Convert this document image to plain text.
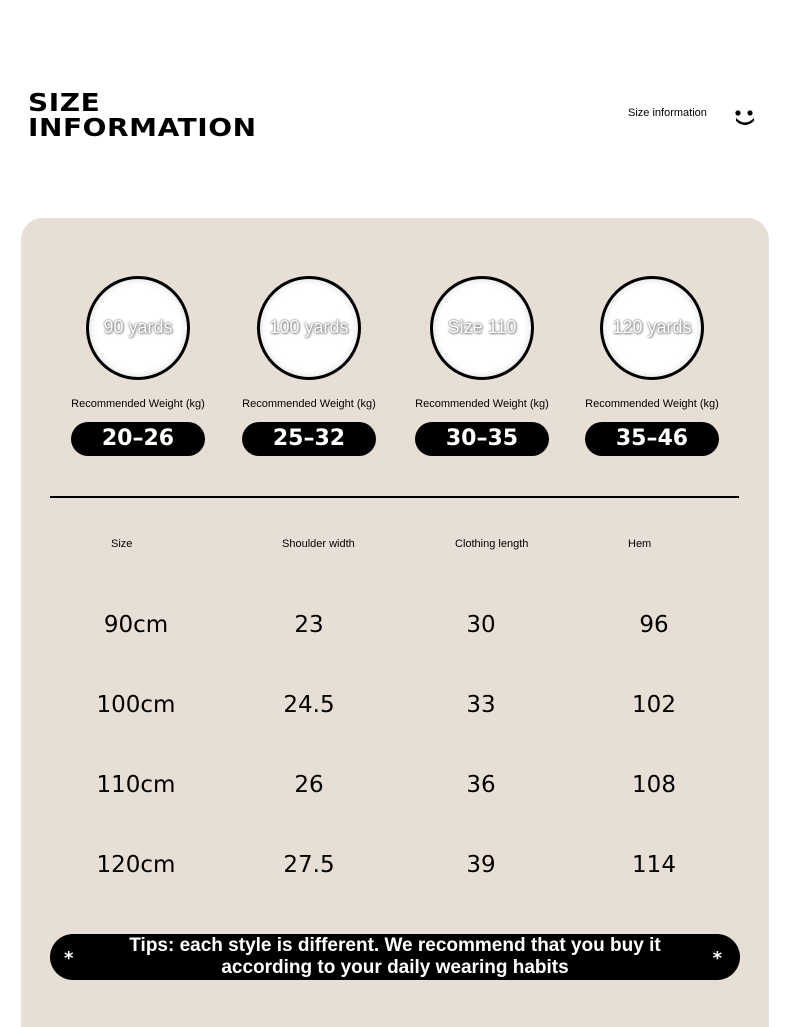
SIZE
INFORMATION	Size information
90 yards
Recommended Weight (kg)
20–26
100 yards
Recommended Weight (kg)
25–32
Size 110
Recommended Weight (kg)
30–35
120 yards
Recommended Weight (kg)
35–46
Size	Shoulder width	Clothing length	Hem
90cm	23	30	96
100cm	24.5	33	102
110cm	26	36	108
120cm	27.5	39	114
*
Tips: each style is different. We recommend that you buy it
according to your daily wearing habits	*
